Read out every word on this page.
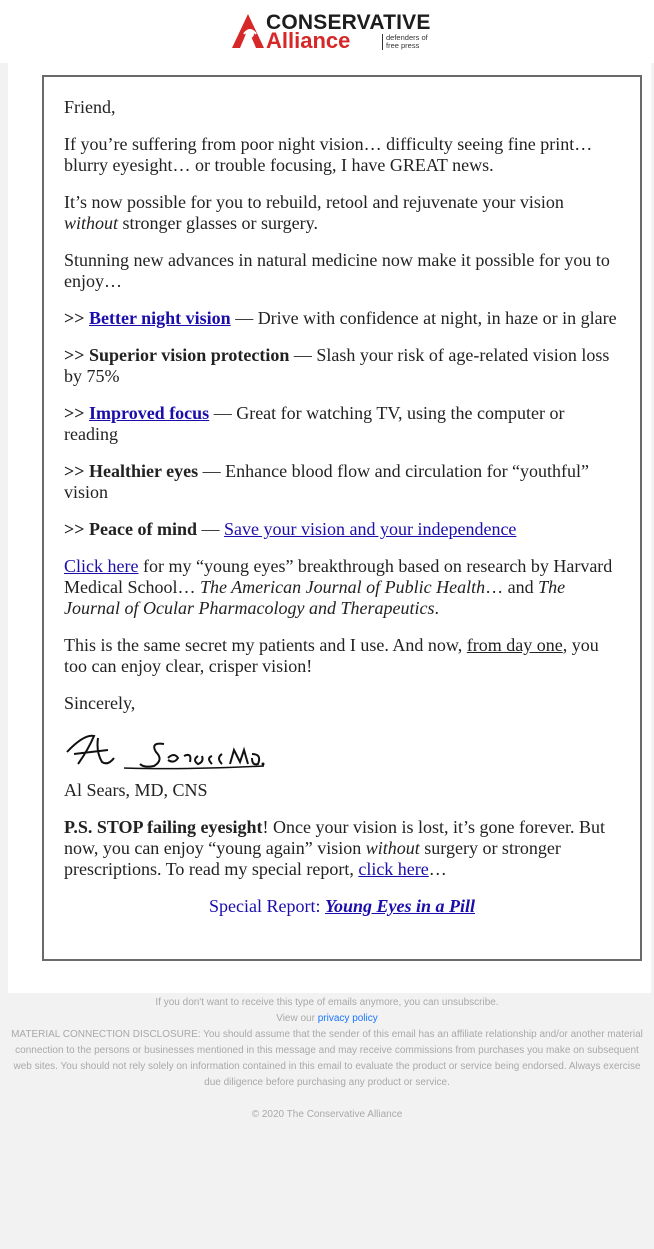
CONSERVATIVE
Alliance	defenders of free press

Friend,

If you’re suffering from poor night vision… difficulty seeing fine print… blurry eyesight… or trouble focusing, I have GREAT news.

It’s now possible for you to rebuild, retool and rejuvenate your vision without stronger glasses or surgery.

Stunning new advances in natural medicine now make it possible for you to enjoy…

>> Better night vision — Drive with confidence at night, in haze or in glare

>> Superior vision protection — Slash your risk of age-related vision loss by 75%

>> Improved focus — Great for watching TV, using the computer or reading

>> Healthier eyes — Enhance blood flow and circulation for “youthful” vision

>> Peace of mind — Save your vision and your independence

Click here for my “young eyes” breakthrough based on research by Harvard Medical School… The American Journal of Public Health… and The Journal of Ocular Pharmacology and Therapeutics.

This is the same secret my patients and I use. And now, from day one, you too can enjoy clear, crisper vision!

Sincerely,

Al Sears, MD, CNS

P.S. STOP failing eyesight! Once your vision is lost, it’s gone forever. But now, you can enjoy “young again” vision without surgery or stronger prescriptions. To read my special report, click here…

Special Report: Young Eyes in a Pill

If you don't want to receive this type of emails anymore, you can unsubscribe.
View our privacy policy
MATERIAL CONNECTION DISCLOSURE: You should assume that the sender of this email has an affiliate relationship and/or another material connection to the persons or businesses mentioned in this message and may receive commissions from purchases you make on subsequent web sites. You should not rely solely on information contained in this email to evaluate the product or service being endorsed. Always exercise due diligence before purchasing any product or service.
© 2020 The Conservative Alliance
